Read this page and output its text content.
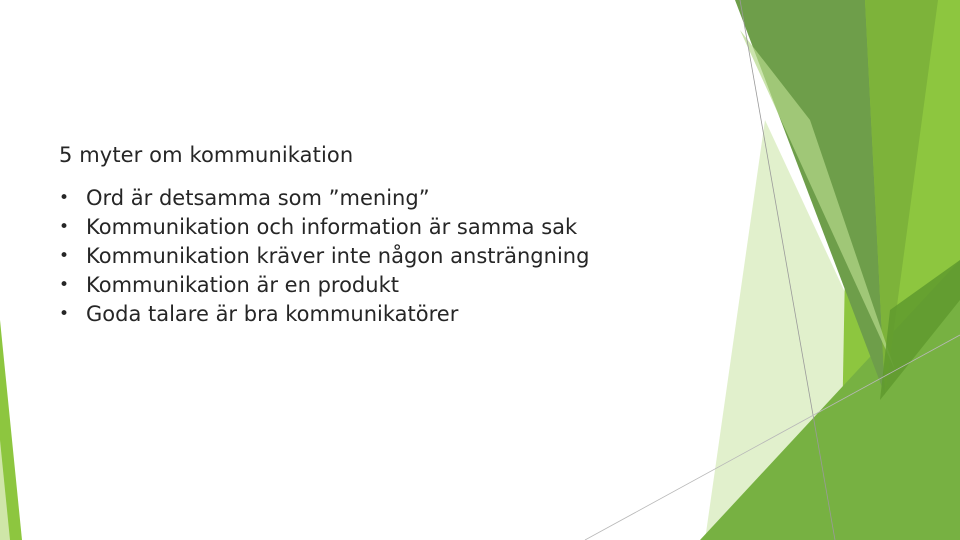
5 myter om kommunikation
• Ord är detsamma som ”mening”
• Kommunikation och information är samma sak
• Kommunikation kräver inte någon ansträngning
• Kommunikation är en produkt
• Goda talare är bra kommunikatörer
